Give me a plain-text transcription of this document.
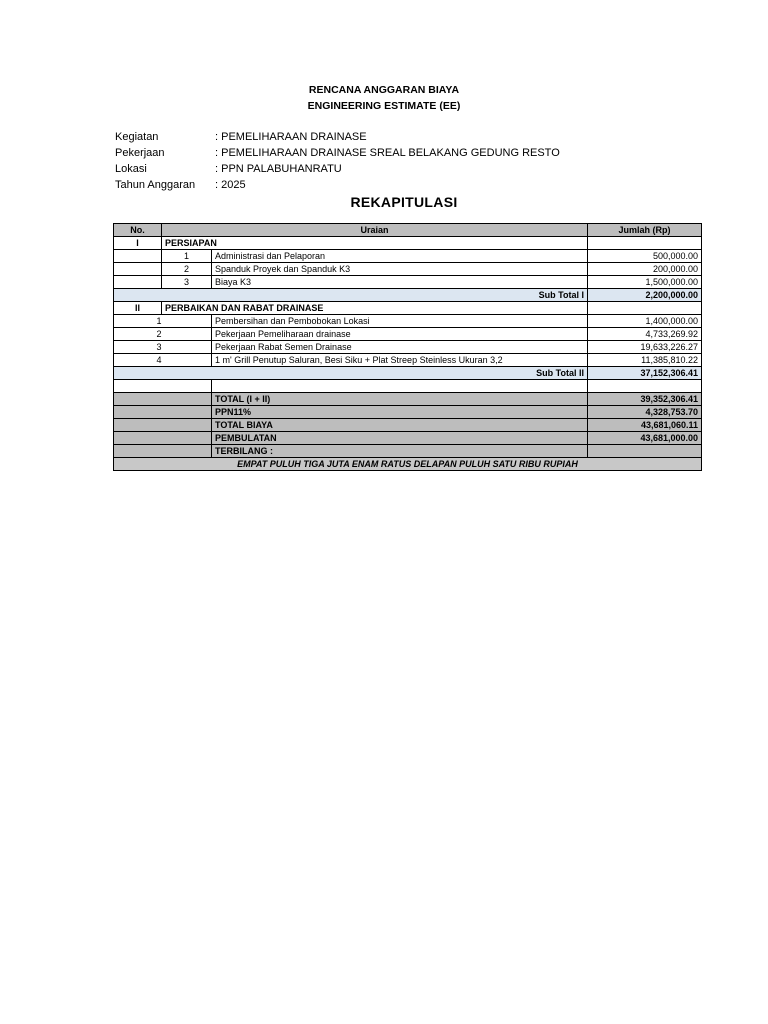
RENCANA ANGGARAN BIAYA
ENGINEERING ESTIMATE (EE)
Kegiatan	: PEMELIHARAAN DRAINASE
Pekerjaan	: PEMELIHARAAN DRAINASE SREAL BELAKANG GEDUNG RESTO
Lokasi	: PPN PALABUHANRATU
Tahun Anggaran : 2025
REKAPITULASI
No.	Uraian		Jumlah (Rp)
I	PERSIAPAN		
	1	Administrasi dan Pelaporan	500,000.00
	2	Spanduk Proyek dan Spanduk K3	200,000.00
	3	Biaya K3	1,500,000.00
Sub Total I			2,200,000.00
II	PERBAIKAN DAN RABAT DRAINASE		
1		Pembersihan dan Pembobokan Lokasi	1,400,000.00
2		Pekerjaan Pemeliharaan drainase	4,733,269.92
3		Pekerjaan Rabat Semen Drainase	19,633,226.27
4		1 m' Grill Penutup Saluran, Besi Siku + Plat Streep Steinless Ukuran 3,2	11,385,810.22
Sub Total II			37,152,306.41

		TOTAL (I + II)	39,352,306.41
		PPN11%	4,328,753.70
		TOTAL BIAYA	43,681,060.11
		PEMBULATAN	43,681,000.00
		TERBILANG :	
EMPAT PULUH TIGA JUTA ENAM RATUS DELAPAN PULUH SATU RIBU RUPIAH			
